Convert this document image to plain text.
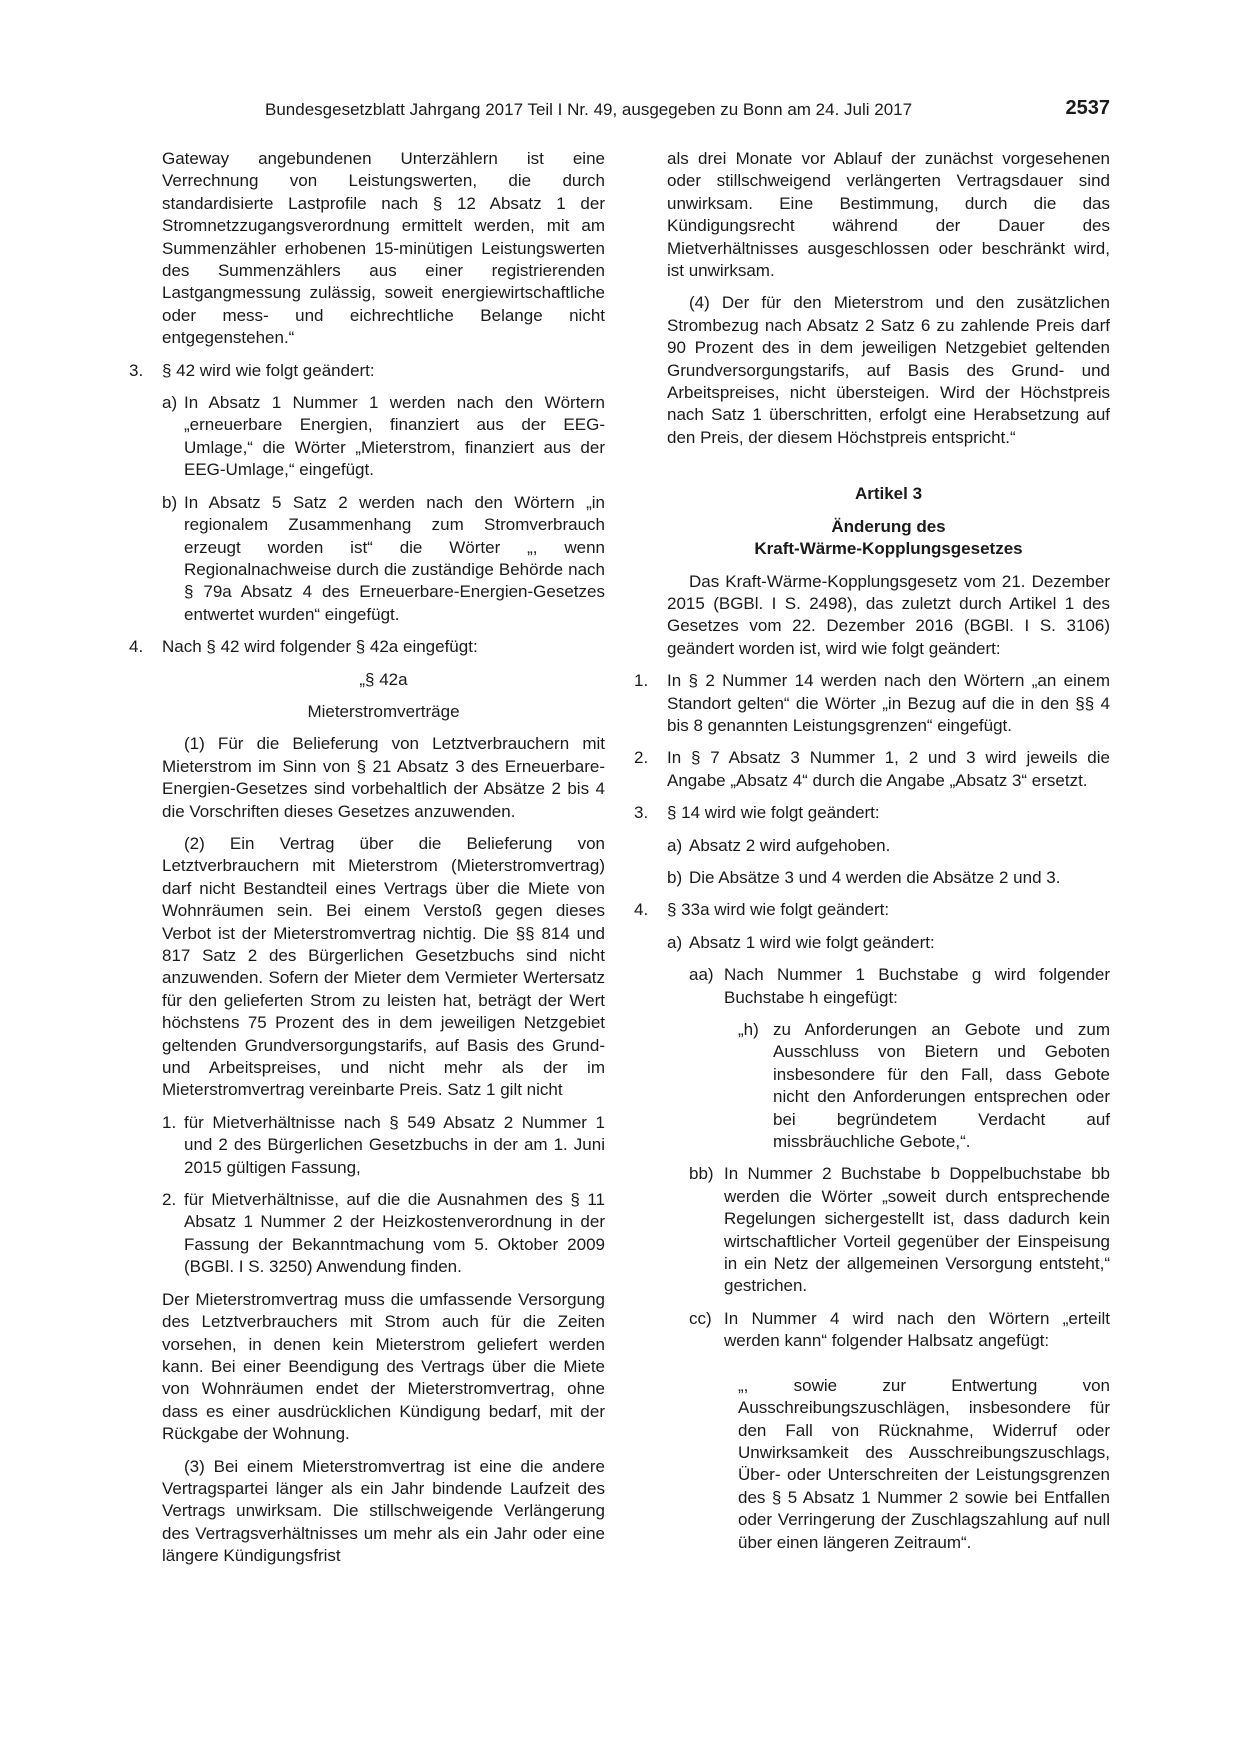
Bundesgesetzblatt Jahrgang 2017 Teil I Nr. 49, ausgegeben zu Bonn am 24. Juli 2017	2537

Gateway angebundenen Unterzählern ist eine Verrechnung von Leistungswerten, die durch standardisierte Lastprofile nach § 12 Absatz 1 der Stromnetzzugangsverordnung ermittelt werden, mit am Summenzähler erhobenen 15-minütigen Leistungswerten des Summenzählers aus einer registrierenden Lastgangmessung zulässig, soweit energiewirtschaftliche oder mess- und eichrechtliche Belange nicht entgegenstehen.“

3. § 42 wird wie folgt geändert:

a) In Absatz 1 Nummer 1 werden nach den Wörtern „erneuerbare Energien, finanziert aus der EEG-Umlage,“ die Wörter „Mieterstrom, finanziert aus der EEG-Umlage,“ eingefügt.

b) In Absatz 5 Satz 2 werden nach den Wörtern „in regionalem Zusammenhang zum Stromverbrauch erzeugt worden ist“ die Wörter „, wenn Regionalnachweise durch die zuständige Behörde nach § 79a Absatz 4 des Erneuerbare-Energien-Gesetzes entwertet wurden“ eingefügt.

4. Nach § 42 wird folgender § 42a eingefügt:

„§ 42a

Mieterstromverträge

(1) Für die Belieferung von Letztverbrauchern mit Mieterstrom im Sinn von § 21 Absatz 3 des Erneuerbare-Energien-Gesetzes sind vorbehaltlich der Absätze 2 bis 4 die Vorschriften dieses Gesetzes anzuwenden.

(2) Ein Vertrag über die Belieferung von Letztverbrauchern mit Mieterstrom (Mieterstromvertrag) darf nicht Bestandteil eines Vertrags über die Miete von Wohnräumen sein. Bei einem Verstoß gegen dieses Verbot ist der Mieterstromvertrag nichtig. Die §§ 814 und 817 Satz 2 des Bürgerlichen Gesetzbuchs sind nicht anzuwenden. Sofern der Mieter dem Vermieter Wertersatz für den gelieferten Strom zu leisten hat, beträgt der Wert höchstens 75 Prozent des in dem jeweiligen Netzgebiet geltenden Grundversorgungstarifs, auf Basis des Grund- und Arbeitspreises, und nicht mehr als der im Mieterstromvertrag vereinbarte Preis. Satz 1 gilt nicht

1. für Mietverhältnisse nach § 549 Absatz 2 Nummer 1 und 2 des Bürgerlichen Gesetzbuchs in der am 1. Juni 2015 gültigen Fassung,

2. für Mietverhältnisse, auf die die Ausnahmen des § 11 Absatz 1 Nummer 2 der Heizkostenverordnung in der Fassung der Bekanntmachung vom 5. Oktober 2009 (BGBl. I S. 3250) Anwendung finden.

Der Mieterstromvertrag muss die umfassende Versorgung des Letztverbrauchers mit Strom auch für die Zeiten vorsehen, in denen kein Mieterstrom geliefert werden kann. Bei einer Beendigung des Vertrags über die Miete von Wohnräumen endet der Mieterstromvertrag, ohne dass es einer ausdrücklichen Kündigung bedarf, mit der Rückgabe der Wohnung.

(3) Bei einem Mieterstromvertrag ist eine die andere Vertragspartei länger als ein Jahr bindende Laufzeit des Vertrags unwirksam. Die stillschweigende Verlängerung des Vertragsverhältnisses um mehr als ein Jahr oder eine längere Kündigungsfrist

als drei Monate vor Ablauf der zunächst vorgesehenen oder stillschweigend verlängerten Vertragsdauer sind unwirksam. Eine Bestimmung, durch die das Kündigungsrecht während der Dauer des Mietverhältnisses ausgeschlossen oder beschränkt wird, ist unwirksam.

(4) Der für den Mieterstrom und den zusätzlichen Strombezug nach Absatz 2 Satz 6 zu zahlende Preis darf 90 Prozent des in dem jeweiligen Netzgebiet geltenden Grundversorgungstarifs, auf Basis des Grund- und Arbeitspreises, nicht übersteigen. Wird der Höchstpreis nach Satz 1 überschritten, erfolgt eine Herabsetzung auf den Preis, der diesem Höchstpreis entspricht.“

Artikel 3

Änderung des

Kraft-Wärme-Kopplungsgesetzes

Das Kraft-Wärme-Kopplungsgesetz vom 21. Dezember 2015 (BGBl. I S. 2498), das zuletzt durch Artikel 1 des Gesetzes vom 22. Dezember 2016 (BGBl. I S. 3106) geändert worden ist, wird wie folgt geändert:

1. In § 2 Nummer 14 werden nach den Wörtern „an einem Standort gelten“ die Wörter „in Bezug auf die in den §§ 4 bis 8 genannten Leistungsgrenzen“ eingefügt.

2. In § 7 Absatz 3 Nummer 1, 2 und 3 wird jeweils die Angabe „Absatz 4“ durch die Angabe „Absatz 3“ ersetzt.

3. § 14 wird wie folgt geändert:

a) Absatz 2 wird aufgehoben.

b) Die Absätze 3 und 4 werden die Absätze 2 und 3.

4. § 33a wird wie folgt geändert:

a) Absatz 1 wird wie folgt geändert:

aa) Nach Nummer 1 Buchstabe g wird folgender Buchstabe h eingefügt:

„h) zu Anforderungen an Gebote und zum Ausschluss von Bietern und Geboten insbesondere für den Fall, dass Gebote nicht den Anforderungen entsprechen oder bei begründetem Verdacht auf missbräuchliche Gebote,“.

bb) In Nummer 2 Buchstabe b Doppelbuchstabe bb werden die Wörter „soweit durch entsprechende Regelungen sichergestellt ist, dass dadurch kein wirtschaftlicher Vorteil gegenüber der Einspeisung in ein Netz der allgemeinen Versorgung entsteht,“ gestrichen.

cc) In Nummer 4 wird nach den Wörtern „erteilt werden kann“ folgender Halbsatz angefügt:

„, sowie zur Entwertung von Ausschreibungszuschlägen, insbesondere für den Fall von Rücknahme, Widerruf oder Unwirksamkeit des Ausschreibungszuschlags, Über- oder Unterschreiten der Leistungsgrenzen des § 5 Absatz 1 Nummer 2 sowie bei Entfallen oder Verringerung der Zuschlagszahlung auf null über einen längeren Zeitraum“.
